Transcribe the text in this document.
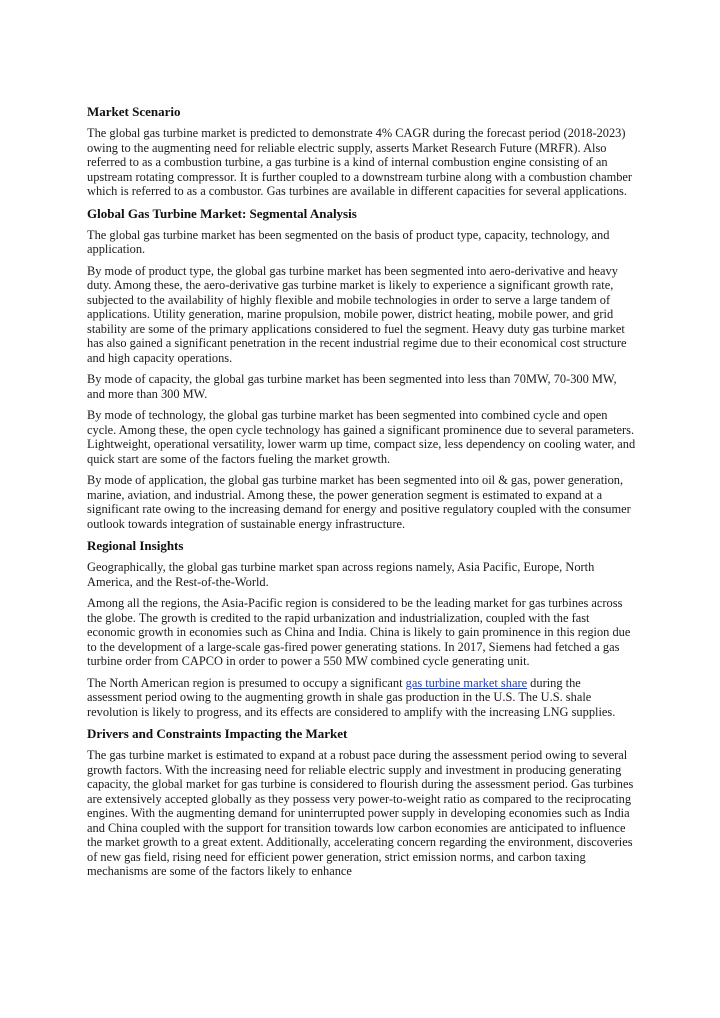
Market Scenario

The global gas turbine market is predicted to demonstrate 4% CAGR during the forecast period (2018-2023) owing to the augmenting need for reliable electric supply, asserts Market Research Future (MRFR). Also referred to as a combustion turbine, a gas turbine is a kind of internal combustion engine consisting of an upstream rotating compressor. It is further coupled to a downstream turbine along with a combustion chamber which is referred to as a combustor. Gas turbines are available in different capacities for several applications.

Global Gas Turbine Market: Segmental Analysis

The global gas turbine market has been segmented on the basis of product type, capacity, technology, and application.

By mode of product type, the global gas turbine market has been segmented into aero-derivative and heavy duty. Among these, the aero-derivative gas turbine market is likely to experience a significant growth rate, subjected to the availability of highly flexible and mobile technologies in order to serve a large tandem of applications. Utility generation, marine propulsion, mobile power, district heating, mobile power, and grid stability are some of the primary applications considered to fuel the segment. Heavy duty gas turbine market has also gained a significant penetration in the recent industrial regime due to their economical cost structure and high capacity operations.

By mode of capacity, the global gas turbine market has been segmented into less than 70MW, 70-300 MW, and more than 300 MW.

By mode of technology, the global gas turbine market has been segmented into combined cycle and open cycle. Among these, the open cycle technology has gained a significant prominence due to several parameters. Lightweight, operational versatility, lower warm up time, compact size, less dependency on cooling water, and quick start are some of the factors fueling the market growth.

By mode of application, the global gas turbine market has been segmented into oil & gas, power generation, marine, aviation, and industrial. Among these, the power generation segment is estimated to expand at a significant rate owing to the increasing demand for energy and positive regulatory coupled with the consumer outlook towards integration of sustainable energy infrastructure.

Regional Insights

Geographically, the global gas turbine market span across regions namely, Asia Pacific, Europe, North America, and the Rest-of-the-World.

Among all the regions, the Asia-Pacific region is considered to be the leading market for gas turbines across the globe. The growth is credited to the rapid urbanization and industrialization, coupled with the fast economic growth in economies such as China and India. China is likely to gain prominence in this region due to the development of a large-scale gas-fired power generating stations. In 2017, Siemens had fetched a gas turbine order from CAPCO in order to power a 550 MW combined cycle generating unit.

The North American region is presumed to occupy a significant gas turbine market share during the assessment period owing to the augmenting growth in shale gas production in the U.S. The U.S. shale revolution is likely to progress, and its effects are considered to amplify with the increasing LNG supplies.

Drivers and Constraints Impacting the Market

The gas turbine market is estimated to expand at a robust pace during the assessment period owing to several growth factors. With the increasing need for reliable electric supply and investment in producing generating capacity, the global market for gas turbine is considered to flourish during the assessment period. Gas turbines are extensively accepted globally as they possess very power-to-weight ratio as compared to the reciprocating engines. With the augmenting demand for uninterrupted power supply in developing economies such as India and China coupled with the support for transition towards low carbon economies are anticipated to influence the market growth to a great extent. Additionally, accelerating concern regarding the environment, discoveries of new gas field, rising need for efficient power generation, strict emission norms, and carbon taxing mechanisms are some of the factors likely to enhance
